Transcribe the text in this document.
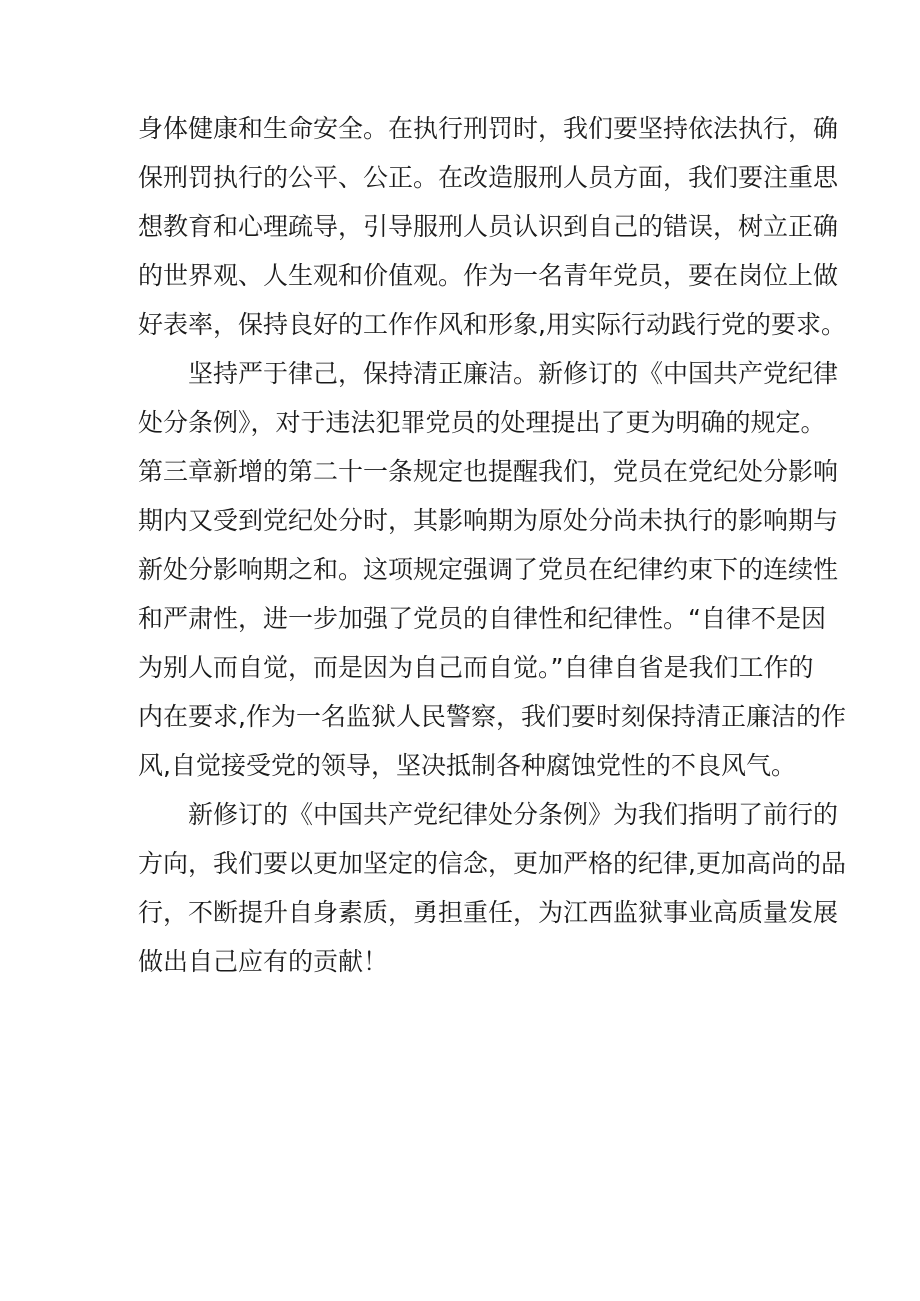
身体健康和生命安全。在执行刑罚时，我们要坚持依法执行，确
保刑罚执行的公平、公正。在改造服刑人员方面，我们要注重思
想教育和心理疏导，引导服刑人员认识到自己的错误，树立正确
的世界观、人生观和价值观。作为一名青年党员，要在岗位上做
好表率，保持良好的工作作风和形象,用实际行动践行党的要求。
　　坚持严于律己，保持清正廉洁。新修订的《中国共产党纪律
处分条例》，对于违法犯罪党员的处理提出了更为明确的规定。
第三章新增的第二十一条规定也提醒我们，党员在党纪处分影响
期内又受到党纪处分时，其影响期为原处分尚未执行的影响期与
新处分影响期之和。这项规定强调了党员在纪律约束下的连续性
和严肃性，进一步加强了党员的自律性和纪律性。“自律不是因
为别人而自觉，而是因为自己而自觉。”自律自省是我们工作的
内在要求,作为一名监狱人民警察，我们要时刻保持清正廉洁的作
风,自觉接受党的领导，坚决抵制各种腐蚀党性的不良风气。
　　新修订的《中国共产党纪律处分条例》为我们指明了前行的
方向，我们要以更加坚定的信念，更加严格的纪律,更加高尚的品
行，不断提升自身素质，勇担重任，为江西监狱事业高质量发展
做出自己应有的贡献！
